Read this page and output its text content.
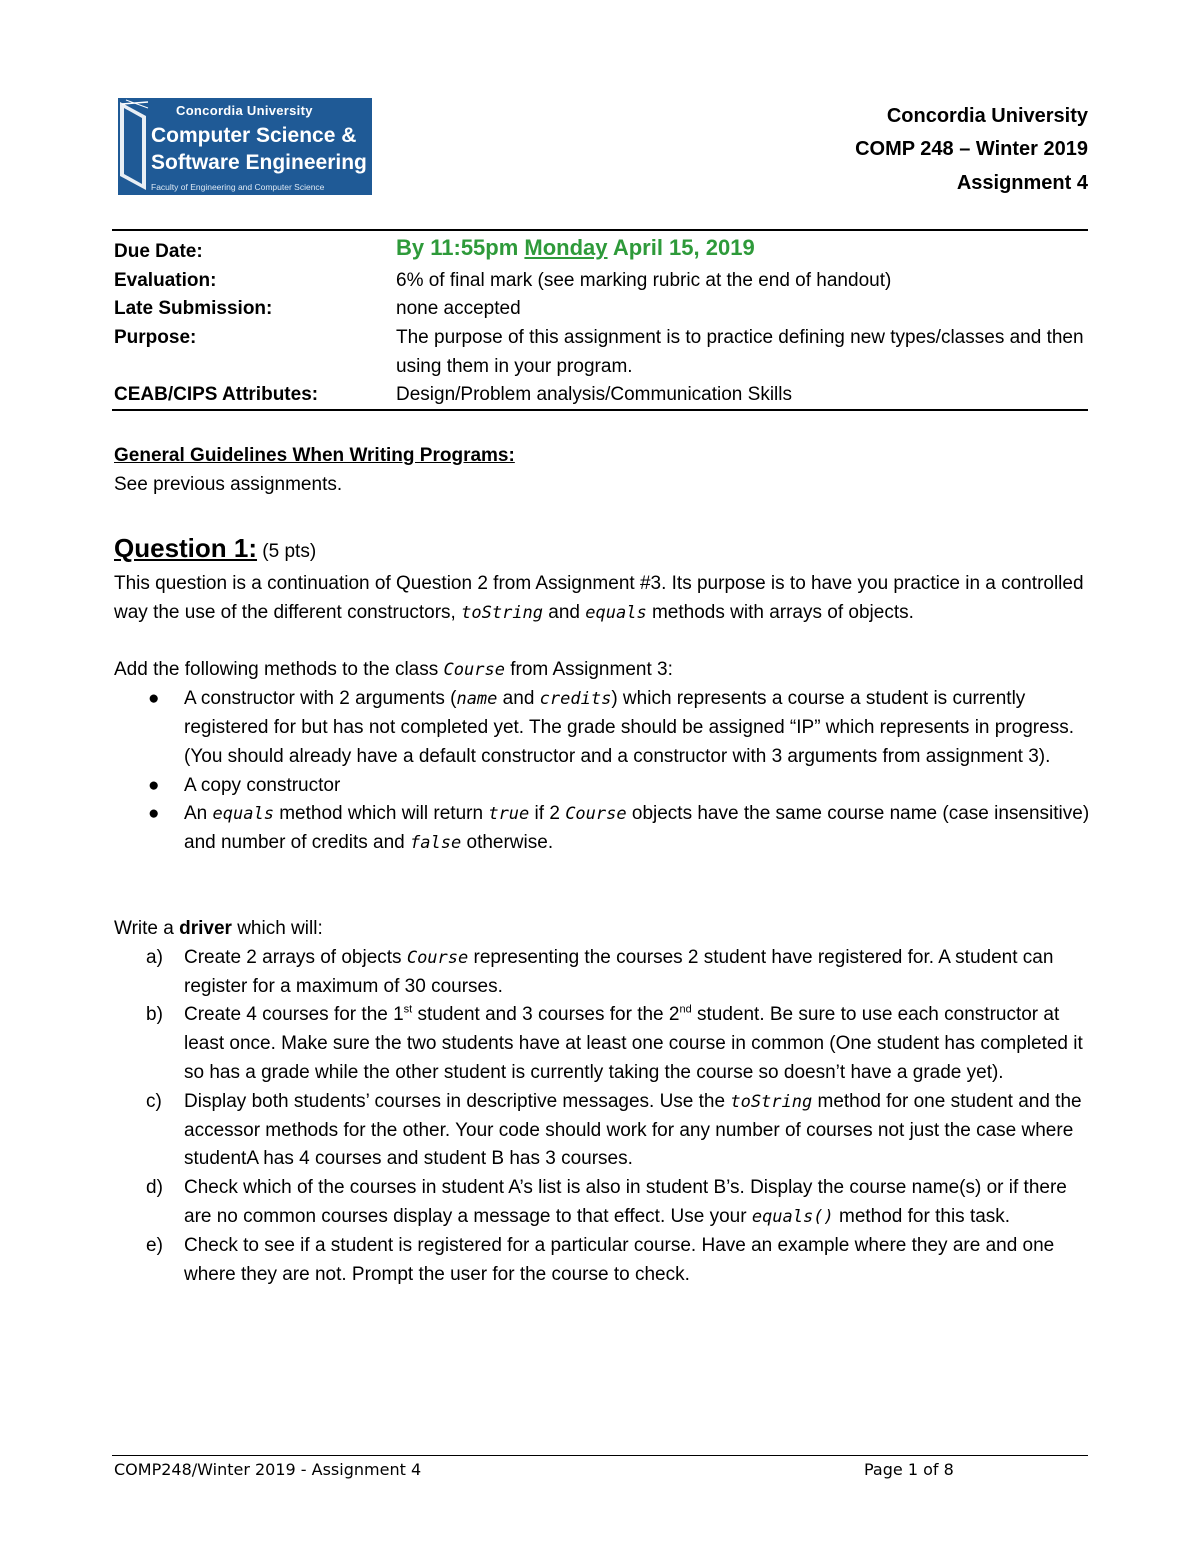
Concordia University
Computer Science &
Software Engineering
Faculty of Engineering and Computer Science
Concordia University
COMP 248 – Winter 2019
Assignment 4
Due Date:	By 11:55pm Monday April 15, 2019
Evaluation:	6% of final mark (see marking rubric at the end of handout)
Late Submission:	none accepted
Purpose:	The purpose of this assignment is to practice defining new types/classes and then using them in your program.
CEAB/CIPS Attributes:	Design/Problem analysis/Communication Skills

General Guidelines When Writing Programs:

See previous assignments.

Question 1: (5 pts)

This question is a continuation of Question 2 from Assignment #3. Its purpose is to have you practice in a controlled way the use of the different constructors, toString and equals methods with arrays of objects.

Add the following methods to the class Course from Assignment 3:

● A constructor with 2 arguments (name and credits) which represents a course a student is currently registered for but has not completed yet. The grade should be assigned “IP” which represents in progress. (You should already have a default constructor and a constructor with 3 arguments from assignment 3).
● A copy constructor
● An equals method which will return true if 2 Course objects have the same course name (case insensitive) and number of credits and false otherwise.

Write a driver which will:

a) Create 2 arrays of objects Course representing the courses 2 student have registered for. A student can register for a maximum of 30 courses.
b) Create 4 courses for the 1st student and 3 courses for the 2nd student. Be sure to use each constructor at least once. Make sure the two students have at least one course in common (One student has completed it so has a grade while the other student is currently taking the course so doesn’t have a grade yet).
c) Display both students’ courses in descriptive messages. Use the toString method for one student and the accessor methods for the other. Your code should work for any number of courses not just the case where studentA has 4 courses and student B has 3 courses.
d) Check which of the courses in student A’s list is also in student B’s. Display the course name(s) or if there are no common courses display a message to that effect. Use your equals() method for this task.
e) Check to see if a student is registered for a particular course. Have an example where they are and one where they are not. Prompt the user for the course to check.
COMP248/Winter 2019 - Assignment 4	Page 1 of 8
